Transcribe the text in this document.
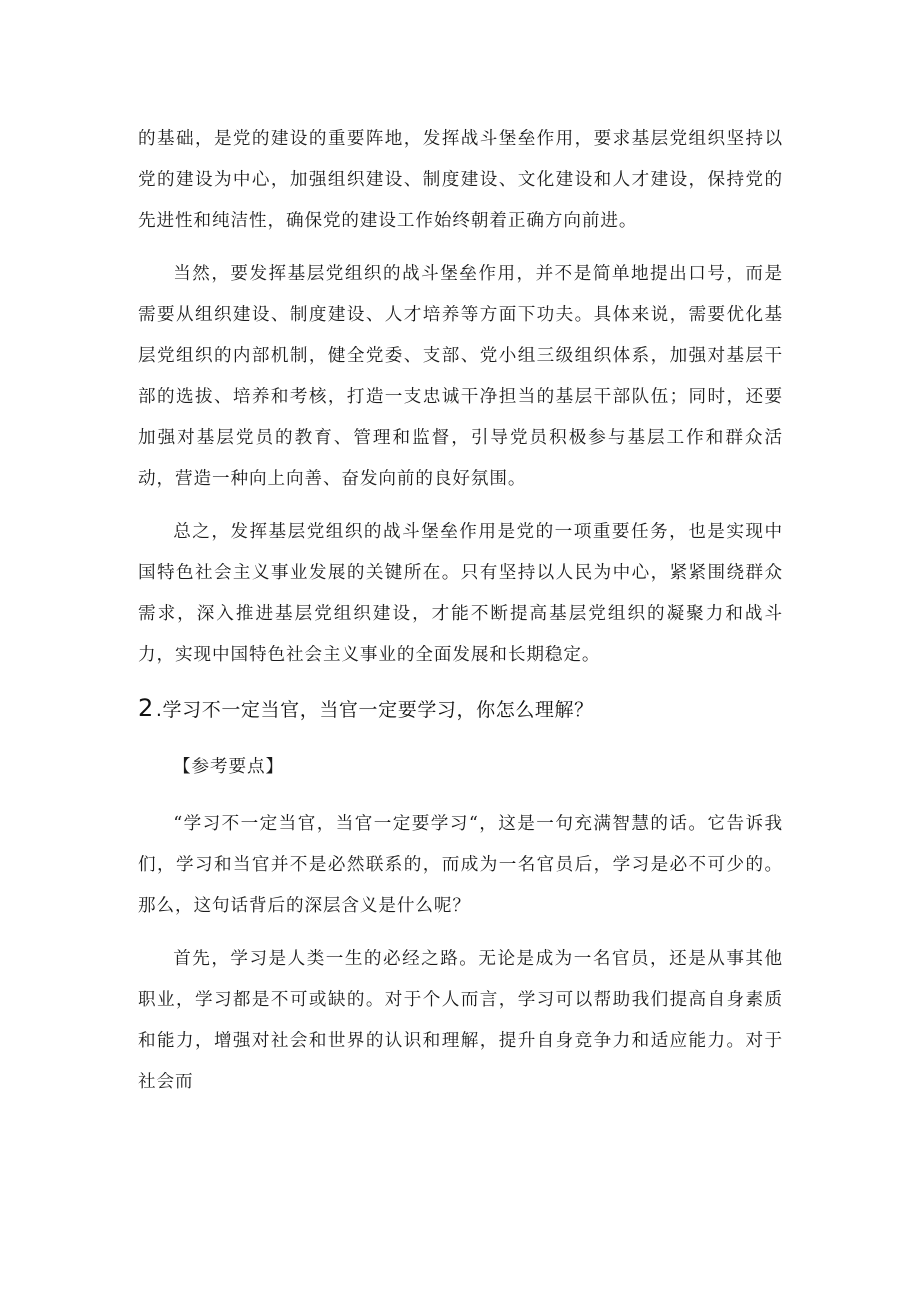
的基础，是党的建设的重要阵地，发挥战斗堡垒作用，要求基层党组织坚持以党的建设为中心，加强组织建设、制度建设、文化建设和人才建设，保持党的先进性和纯洁性，确保党的建设工作始终朝着正确方向前进。

当然，要发挥基层党组织的战斗堡垒作用，并不是简单地提出口号，而是需要从组织建设、制度建设、人才培养等方面下功夫。具体来说，需要优化基层党组织的内部机制，健全党委、支部、党小组三级组织体系，加强对基层干部的选拔、培养和考核，打造一支忠诚干净担当的基层干部队伍；同时，还要加强对基层党员的教育、管理和监督，引导党员积极参与基层工作和群众活动，营造一种向上向善、奋发向前的良好氛围。

总之，发挥基层党组织的战斗堡垒作用是党的一项重要任务，也是实现中国特色社会主义事业发展的关键所在。只有坚持以人民为中心，紧紧围绕群众需求，深入推进基层党组织建设，才能不断提高基层党组织的凝聚力和战斗力，实现中国特色社会主义事业的全面发展和长期稳定。

2 .学习不一定当官，当官一定要学习，你怎么理解？

【参考要点】

“学习不一定当官，当官一定要学习“，这是一句充满智慧的话。它告诉我们，学习和当官并不是必然联系的，而成为一名官员后，学习是必不可少的。那么，这句话背后的深层含义是什么呢？

首先，学习是人类一生的必经之路。无论是成为一名官员，还是从事其他职业，学习都是不可或缺的。对于个人而言，学习可以帮助我们提高自身素质和能力，增强对社会和世界的认识和理解，提升自身竞争力和适应能力。对于社会而
